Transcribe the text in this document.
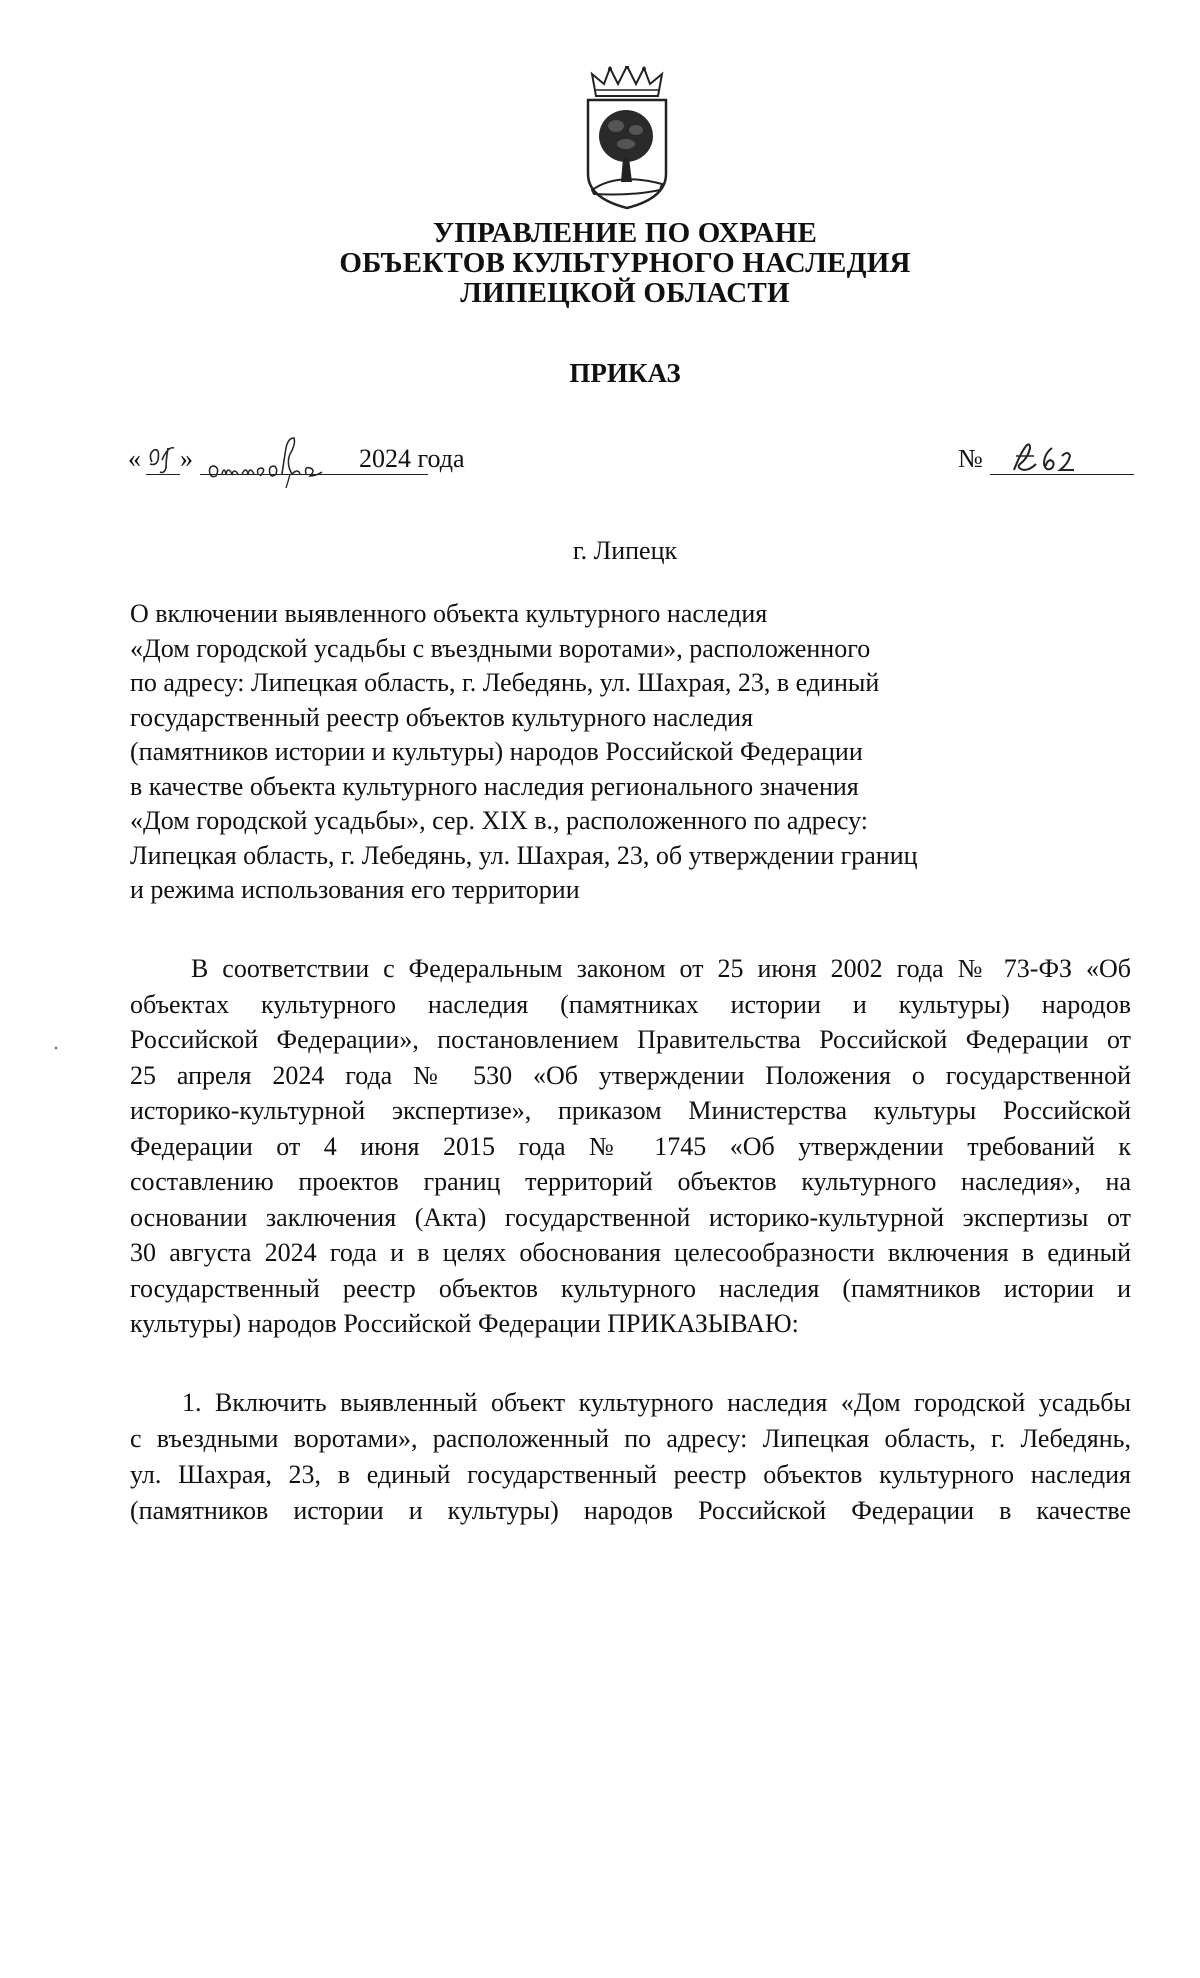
УПРАВЛЕНИЕ ПО ОХРАНЕ
ОБЪЕКТОВ КУЛЬТУРНОГО НАСЛЕДИЯ
ЛИПЕЦКОЙ ОБЛАСТИ
ПРИКАЗ
« »	2024 года	№
г. Липецк
О включении выявленного объекта культурного наследия
«Дом городской усадьбы с въездными воротами», расположенного
по адресу: Липецкая область, г. Лебедянь, ул. Шахрая, 23, в единый
государственный реестр объектов культурного наследия
(памятников истории и культуры) народов Российской Федерации
в качестве объекта культурного наследия регионального значения
«Дом городской усадьбы», сер. XIX в., расположенного по адресу:
Липецкая область, г. Лебедянь, ул. Шахрая, 23, об утверждении границ
и режима использования его территории
В соответствии с Федеральным законом от 25 июня 2002 года № 73-ФЗ «Об
объектах культурного наследия (памятниках истории и культуры) народов
Российской Федерации», постановлением Правительства Российской Федерации от
25 апреля 2024 года № 530 «Об утверждении Положения о государственной
историко-культурной экспертизе», приказом Министерства культуры Российской
Федерации от 4 июня 2015 года № 1745 «Об утверждении требований к
составлению проектов границ территорий объектов культурного наследия», на
основании заключения (Акта) государственной историко-культурной экспертизы от
30 августа 2024 года и в целях обоснования целесообразности включения в единый
государственный реестр объектов культурного наследия (памятников истории и
культуры) народов Российской Федерации ПРИКАЗЫВАЮ:
1. Включить выявленный объект культурного наследия «Дом городской усадьбы
с въездными воротами», расположенный по адресу: Липецкая область, г. Лебедянь,
ул. Шахрая, 23, в единый государственный реестр объектов культурного наследия
(памятников истории и культуры) народов Российской Федерации в качестве
